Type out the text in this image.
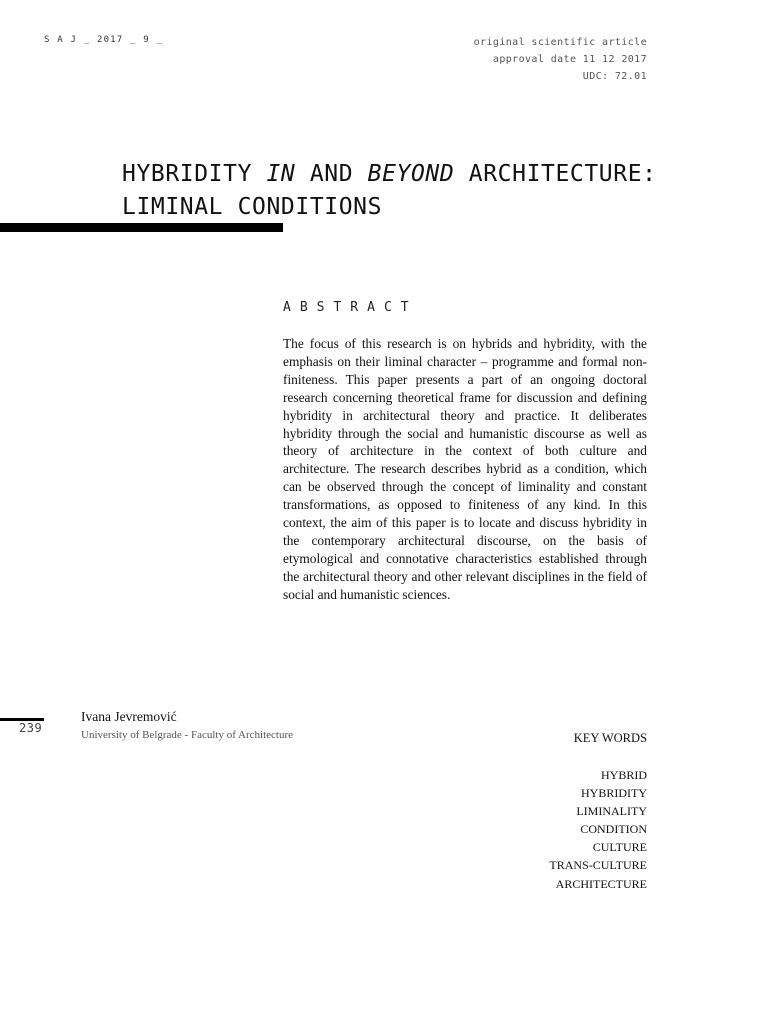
S A J _ 2017 _ 9 _	original scientific article
approval date 11 12 2017
UDC: 72.01
HYBRIDITY IN AND BEYOND ARCHITECTURE:
LIMINAL CONDITIONS
ABSTRACT

The focus of this research is on hybrids and hybridity, with the emphasis on their liminal character – programme and formal non-finiteness. This paper presents a part of an ongoing doctoral research concerning theoretical frame for discussion and defining hybridity in architectural theory and practice. It deliberates hybridity through the social and humanistic discourse as well as theory of architecture in the context of both culture and architecture. The research describes hybrid as a condition, which can be observed through the concept of liminality and constant transformations, as opposed to finiteness of any kind. In this context, the aim of this paper is to locate and discuss hybridity in the contemporary architectural discourse, on the basis of etymological and connotative characteristics established through the architectural theory and other relevant disciplines in the field of social and humanistic sciences.

239
Ivana Jevremović
University of Belgrade - Faculty of Architecture	KEY WORDS
HYBRID
HYBRIDITY
LIMINALITY
CONDITION
CULTURE
TRANS-CULTURE
ARCHITECTURE
